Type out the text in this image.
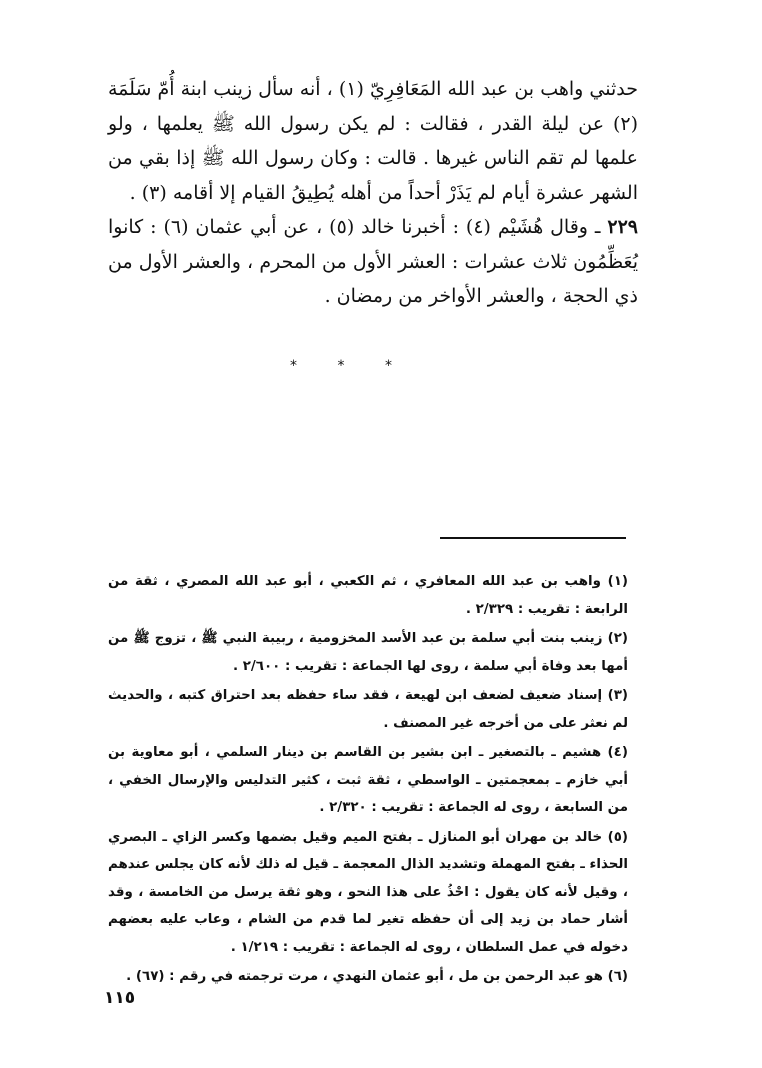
حدثني واهب بن عبد الله المَعَافِرِيّ (١) ، أنه سأل زينب ابنة أُمّ سَلَمَة (٢) عن ليلة القدر ، فقالت : لم يكن رسول الله ﷺ يعلمها ، ولو علمها لم تقم الناس غيرها . قالت : وكان رسول الله ﷺ إذا بقي من الشهر عشرة أيام لم يَذَرْ أحداً من أهله يُطِيقُ القيام إلا أقامه (٣) .

٢٢٩ ـ وقال هُشَيْم (٤) : أخبرنا خالد (٥) ، عن أبي عثمان (٦) : كانوا يُعَظِّمُون ثلاث عشرات : العشر الأول من المحرم ، والعشر الأول من ذي الحجة ، والعشر الأواخر من رمضان .

* * *

(١) واهب بن عبد الله المعافري ، ثم الكعبي ، أبو عبد الله المصري ، ثقة من الرابعة : تقريب : ٢/٣٢٩ .

(٢) زينب بنت أبي سلمة بن عبد الأسد المخزومية ، ربيبة النبي ﷺ ، تزوج ﷺ من أمها بعد وفاة أبي سلمة ، روى لها الجماعة : تقريب : ٢/٦٠٠ .

(٣) إسناد ضعيف لضعف ابن لهيعة ، فقد ساء حفظه بعد احتراق كتبه ، والحديث لم نعثر على من أخرجه غير المصنف .

(٤) هشيم ـ بالتصغير ـ ابن بشير بن القاسم بن دينار السلمي ، أبو معاوية بن أبي خازم ـ بمعجمتين ـ الواسطي ، ثقة ثبت ، كثير التدليس والإرسال الخفي ، من السابعة ، روى له الجماعة : تقريب : ٢/٣٢٠ .

(٥) خالد بن مهران أبو المنازل ـ بفتح الميم وقيل بضمها وكسر الزاي ـ البصري الحذاء ـ بفتح المهملة وتشديد الذال المعجمة ـ قيل له ذلك لأنه كان يجلس عندهم ، وقيل لأنه كان يقول : احْذُ على هذا النحو ، وهو ثقة يرسل من الخامسة ، وقد أشار حماد بن زيد إلى أن حفظه تغير لما قدم من الشام ، وعاب عليه بعضهم دخوله في عمل السلطان ، روى له الجماعة : تقريب : ١/٢١٩ .

(٦) هو عبد الرحمن بن مل ، أبو عثمان النهدي ، مرت ترجمته في رقم : (٦٧) .

١١٥
